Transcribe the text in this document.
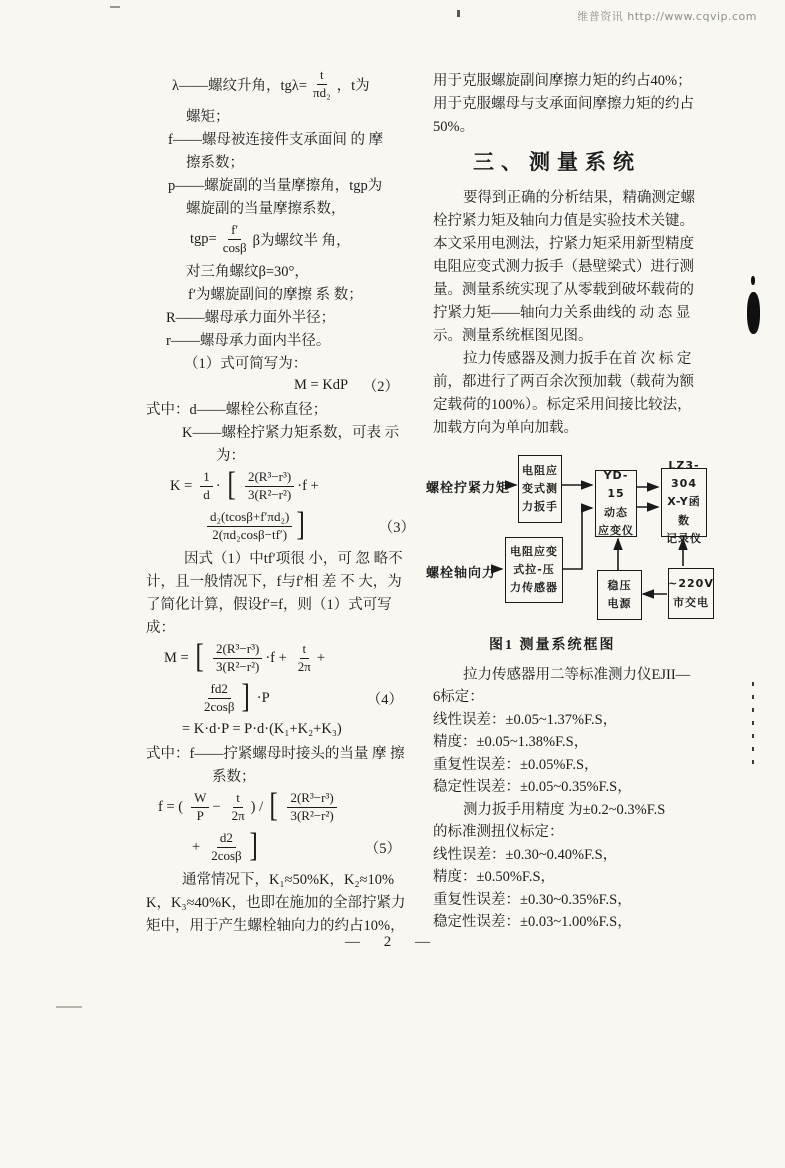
维普资讯 http://www.cqvip.com
λ——螺纹升角，$tg\lambda= \frac{t}{\text{πd₂}}$ ，t为
螺矩；
f——螺母被连接件支承面间 的 摩
擦系数；
p——螺旋副的当量摩擦角，tgp为
螺旋副的当量摩擦系数，
$tgp= \frac{f'}{\cos\beta}$ β为螺纹半 角，
对三角螺纹β=30°，
f′为螺旋副间的摩擦 系 数；
R——螺母承力面外半径；
r——螺母承力面内半径。
（1）式可简写为：
M = KdP （2）
式中：d——螺栓公称直径；
K——螺栓拧紧力矩系数，可表 示
为：
$K = \frac{1}{d}$ · [ $\frac{\text{2(R³−r³)}}{\text{3(R²−r²)}} \cdot f$ +
$\frac{\text{d₂(tcosβ+f′πd₂)}}{\text{2(πd₂cosβ−tf′)}}$ ]	（3）
因式（1）中tf′项很 小，可 忽 略不
计，且一般情况下，f与f′相 差 不 大，为
了简化计算，假设f′=f，则（1）式可写
成：
M = [ $\frac{\text{2(R³−r³)}}{\text{3(R²−r²)}} \cdot f + \frac{t}{2\pi}$ +
$\frac{fd2}{2\cos\beta}$ ] ·P	（4）
= K·d·P = P·d·(K₁+K₂+K₃)
式中：f——拧紧螺母时接头的当量 摩 擦
系数；
f = ( $\frac{W}{P} - \frac{t}{2\pi}$ ) / [ $\frac{\text{2(R³−r³)}}{\text{3(R²−r²)}}$
+ $\frac{d2}{2\cos\beta}$ ]	（5）
通常情况下，K₁≈50%K，K₂≈10%
K，K₃≈40%K，也即在施加的全部拧紧力
矩中，用于产生螺栓轴向力的约占10%，
用于克服螺旋副间摩擦力矩的约占40%；
用于克服螺母与支承面间摩擦力矩的约占
50%。
三、测量系统
要得到正确的分析结果，精确测定螺
栓拧紧力矩及轴向力值是实验技术关键。
本文采用电测法，拧紧力矩采用新型精度
电阻应变式测力扳手（悬壁梁式）进行测
量。测量系统实现了从零载到破坏载荷的
拧紧力矩——轴向力关系曲线的 动 态 显
示。测量系统框图见图。
拉力传感器及测力扳手在首 次 标 定
前，都进行了两百余次预加载（载荷为额
定载荷的100%）。标定采用间接比较法，
加载方向为单向加载。
螺栓拧紧力矩
螺栓轴向力
电阻应
变式测
力扳手
电阻应变
式拉-压
力传感器
YD-15
动态
应变仪
LZ3-304
X-Y函数
记录仪
稳压
电源
~220V
市交电
图1 测量系统框图
拉力传感器用二等标准测力仪EJII—
6标定：
线性误差：±0.05~1.37%F.S，
精度：±0.05~1.38%F.S，
重复性误差：±0.05%F.S，
稳定性误差：±0.05~0.35%F.S，
测力扳手用精度 为±0.2~0.3%F.S
的标准测扭仪标定：
线性误差：±0.30~0.40%F.S，
精度：±0.50%F.S，
重复性误差：±0.30~0.35%F.S，
稳定性误差：±0.03~1.00%F.S，
— 2 —
